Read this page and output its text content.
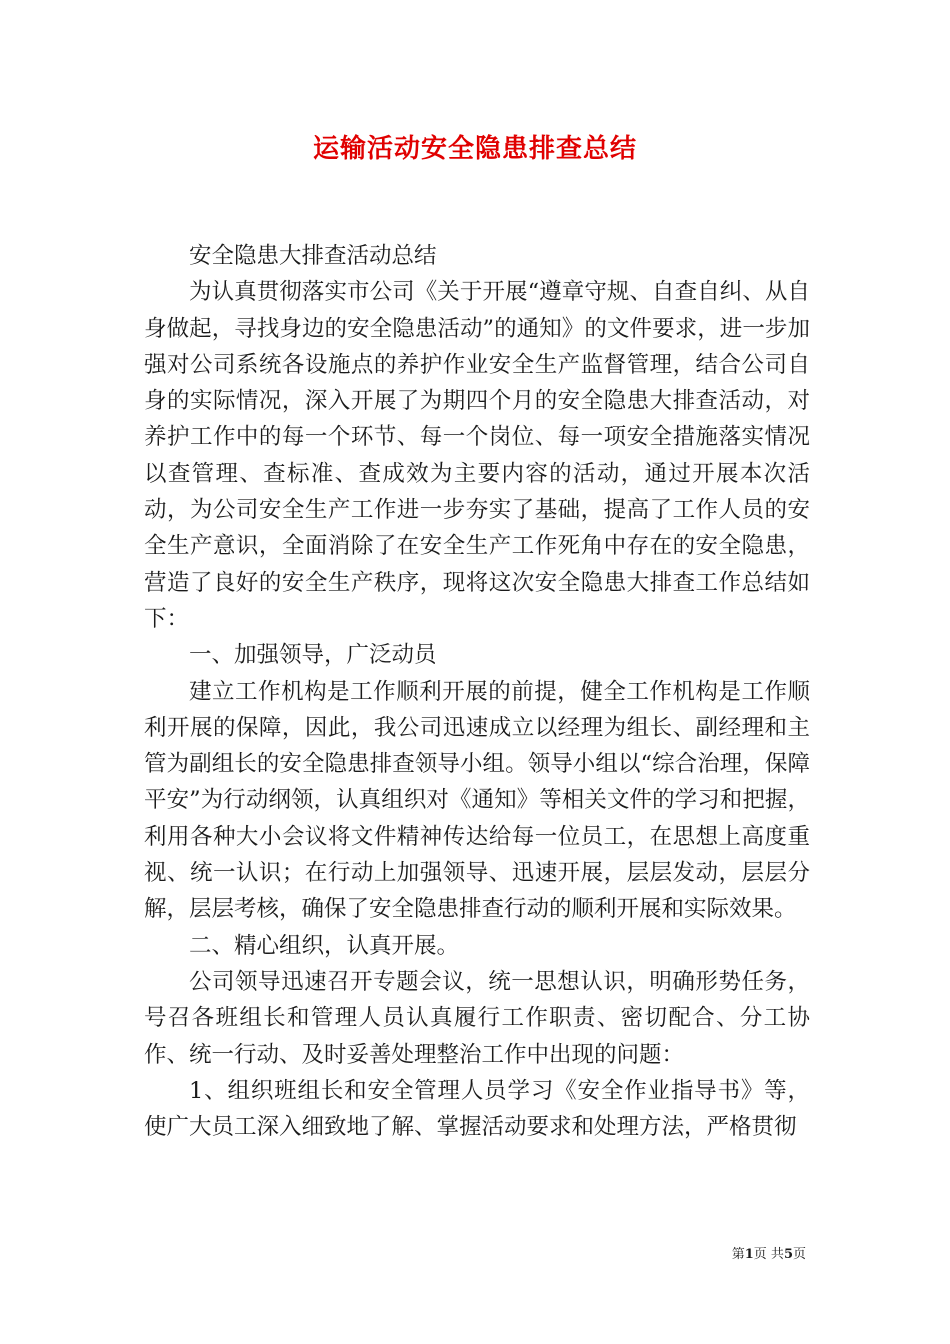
运输活动安全隐患排查总结

安全隐患大排查活动总结

为认真贯彻落实市公司《关于开展“遵章守规、自查自纠、从自身做起，寻找身边的安全隐患活动”的通知》的文件要求，进一步加强对公司系统各设施点的养护作业安全生产监督管理，结合公司自身的实际情况，深入开展了为期四个月的安全隐患大排查活动，对养护工作中的每一个环节、每一个岗位、每一项安全措施落实情况以查管理、查标准、查成效为主要内容的活动，通过开展本次活动，为公司安全生产工作进一步夯实了基础，提高了工作人员的安全生产意识，全面消除了在安全生产工作死角中存在的安全隐患，营造了良好的安全生产秩序，现将这次安全隐患大排查工作总结如下：

一、加强领导，广泛动员

建立工作机构是工作顺利开展的前提，健全工作机构是工作顺利开展的保障，因此，我公司迅速成立以经理为组长、副经理和主管为副组长的安全隐患排查领导小组。领导小组以“综合治理，保障平安”为行动纲领，认真组织对《通知》等相关文件的学习和把握，利用各种大小会议将文件精神传达给每一位员工，在思想上高度重视、统一认识；在行动上加强领导、迅速开展，层层发动，层层分解，层层考核，确保了安全隐患排查行动的顺利开展和实际效果。

二、精心组织，认真开展。

公司领导迅速召开专题会议，统一思想认识，明确形势任务，号召各班组长和管理人员认真履行工作职责、密切配合、分工协作、统一行动、及时妥善处理整治工作中出现的问题：

1、组织班组长和安全管理人员学习《安全作业指导书》等，使广大员工深入细致地了解、掌握活动要求和处理方法，严格贯彻

第1页 共5页
